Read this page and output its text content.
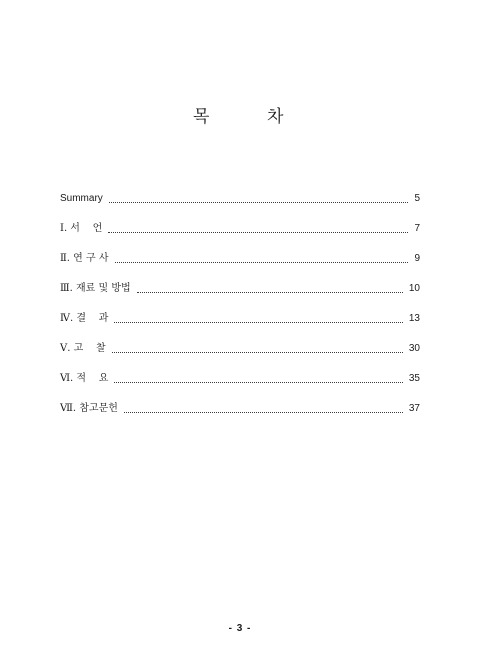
목	차
Summary	5
Ⅰ. 서    언	7
Ⅱ. 연 구 사	9
Ⅲ. 재료 및 방법	10
Ⅳ. 결    과	13
Ⅴ. 고    찰	30
Ⅵ. 적    요	35
Ⅶ. 참고문헌	37
- 3 -
